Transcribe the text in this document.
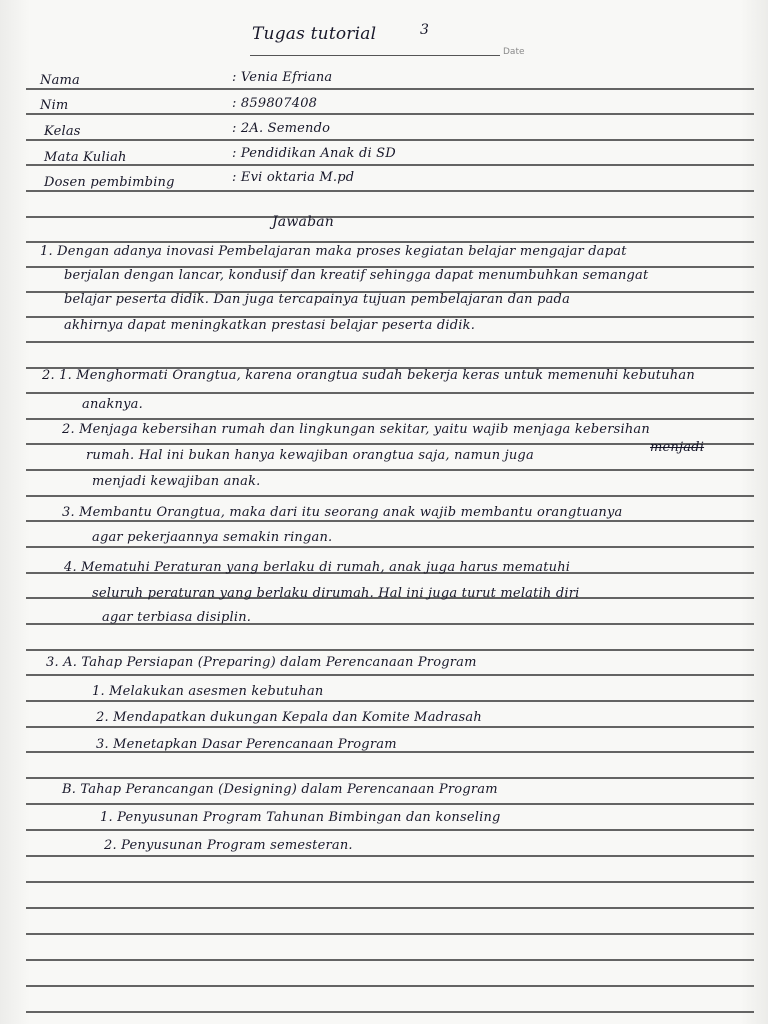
Tugas tutorial	3
Date
Nama	: Venia Efriana
Nim	: 859807408
Kelas	: 2A. Semendo
Mata Kuliah	: Pendidikan Anak di SD
Dosen pembimbing	: Evi oktaria M.pd
Jawaban
1. Dengan adanya inovasi Pembelajaran maka proses kegiatan belajar mengajar dapat
berjalan dengan lancar, kondusif dan kreatif sehingga dapat menumbuhkan semangat
belajar peserta didik. Dan juga tercapainya tujuan pembelajaran dan pada
akhirnya dapat meningkatkan prestasi belajar peserta didik.
2. 1. Menghormati Orangtua, karena orangtua sudah bekerja keras untuk memenuhi kebutuhan
anaknya.
2. Menjaga kebersihan rumah dan lingkungan sekitar, yaitu wajib menjaga kebersihan
rumah. Hal ini bukan hanya kewajiban orangtua saja, namun juga
menjadi
menjadi kewajiban anak.
3. Membantu Orangtua, maka dari itu seorang anak wajib membantu orangtuanya
agar pekerjaannya semakin ringan.
4. Mematuhi Peraturan yang berlaku di rumah, anak juga harus mematuhi
seluruh peraturan yang berlaku dirumah. Hal ini juga turut melatih diri
agar terbiasa disiplin.
3. A. Tahap Persiapan (Preparing) dalam Perencanaan Program
1. Melakukan asesmen kebutuhan
2. Mendapatkan dukungan Kepala dan Komite Madrasah
3. Menetapkan Dasar Perencanaan Program
B. Tahap Perancangan (Designing) dalam Perencanaan Program
1. Penyusunan Program Tahunan Bimbingan dan konseling
2. Penyusunan Program semesteran.
